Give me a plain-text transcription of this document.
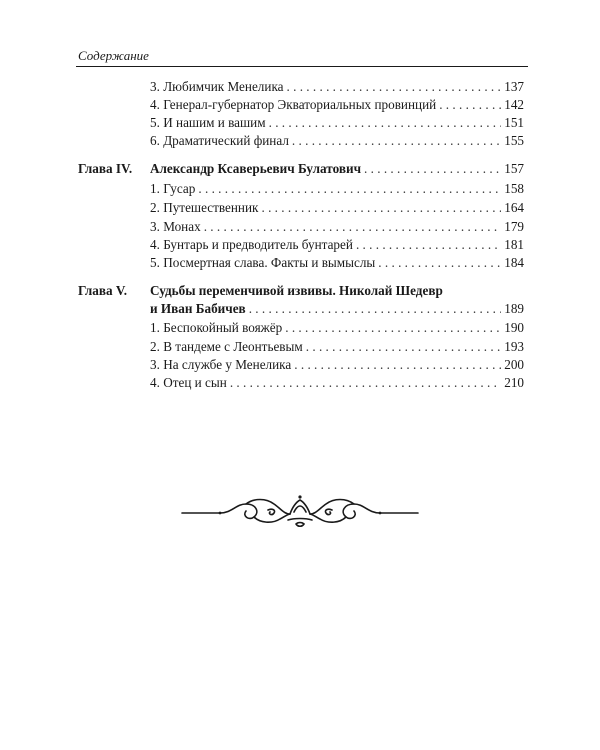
Содержание
3. Любимчик Менелика . . .	137
4. Генерал-губернатор Экваториальных провинций . . .	142
5. И нашим и вашим . . .	151
6. Драматический финал . . .	155
Глава IV. Александр Ксаверьевич Булатович . . .	157
1. Гусар . . .	158
2. Путешественник . . .	164
3. Монах . . .	179
4. Бунтарь и предводитель бунтарей . . .	181
5. Посмертная слава. Факты и вымыслы . . .	184
Глава V. Судьбы переменчивой извивы. Николай Шедевр
и Иван Бабичев . . .	189
1. Беспокойный вояжёр . . .	190
2. В тандеме с Леонтьевым . . .	193
3. На службе у Менелика . . .	200
4. Отец и сын . . .	210
